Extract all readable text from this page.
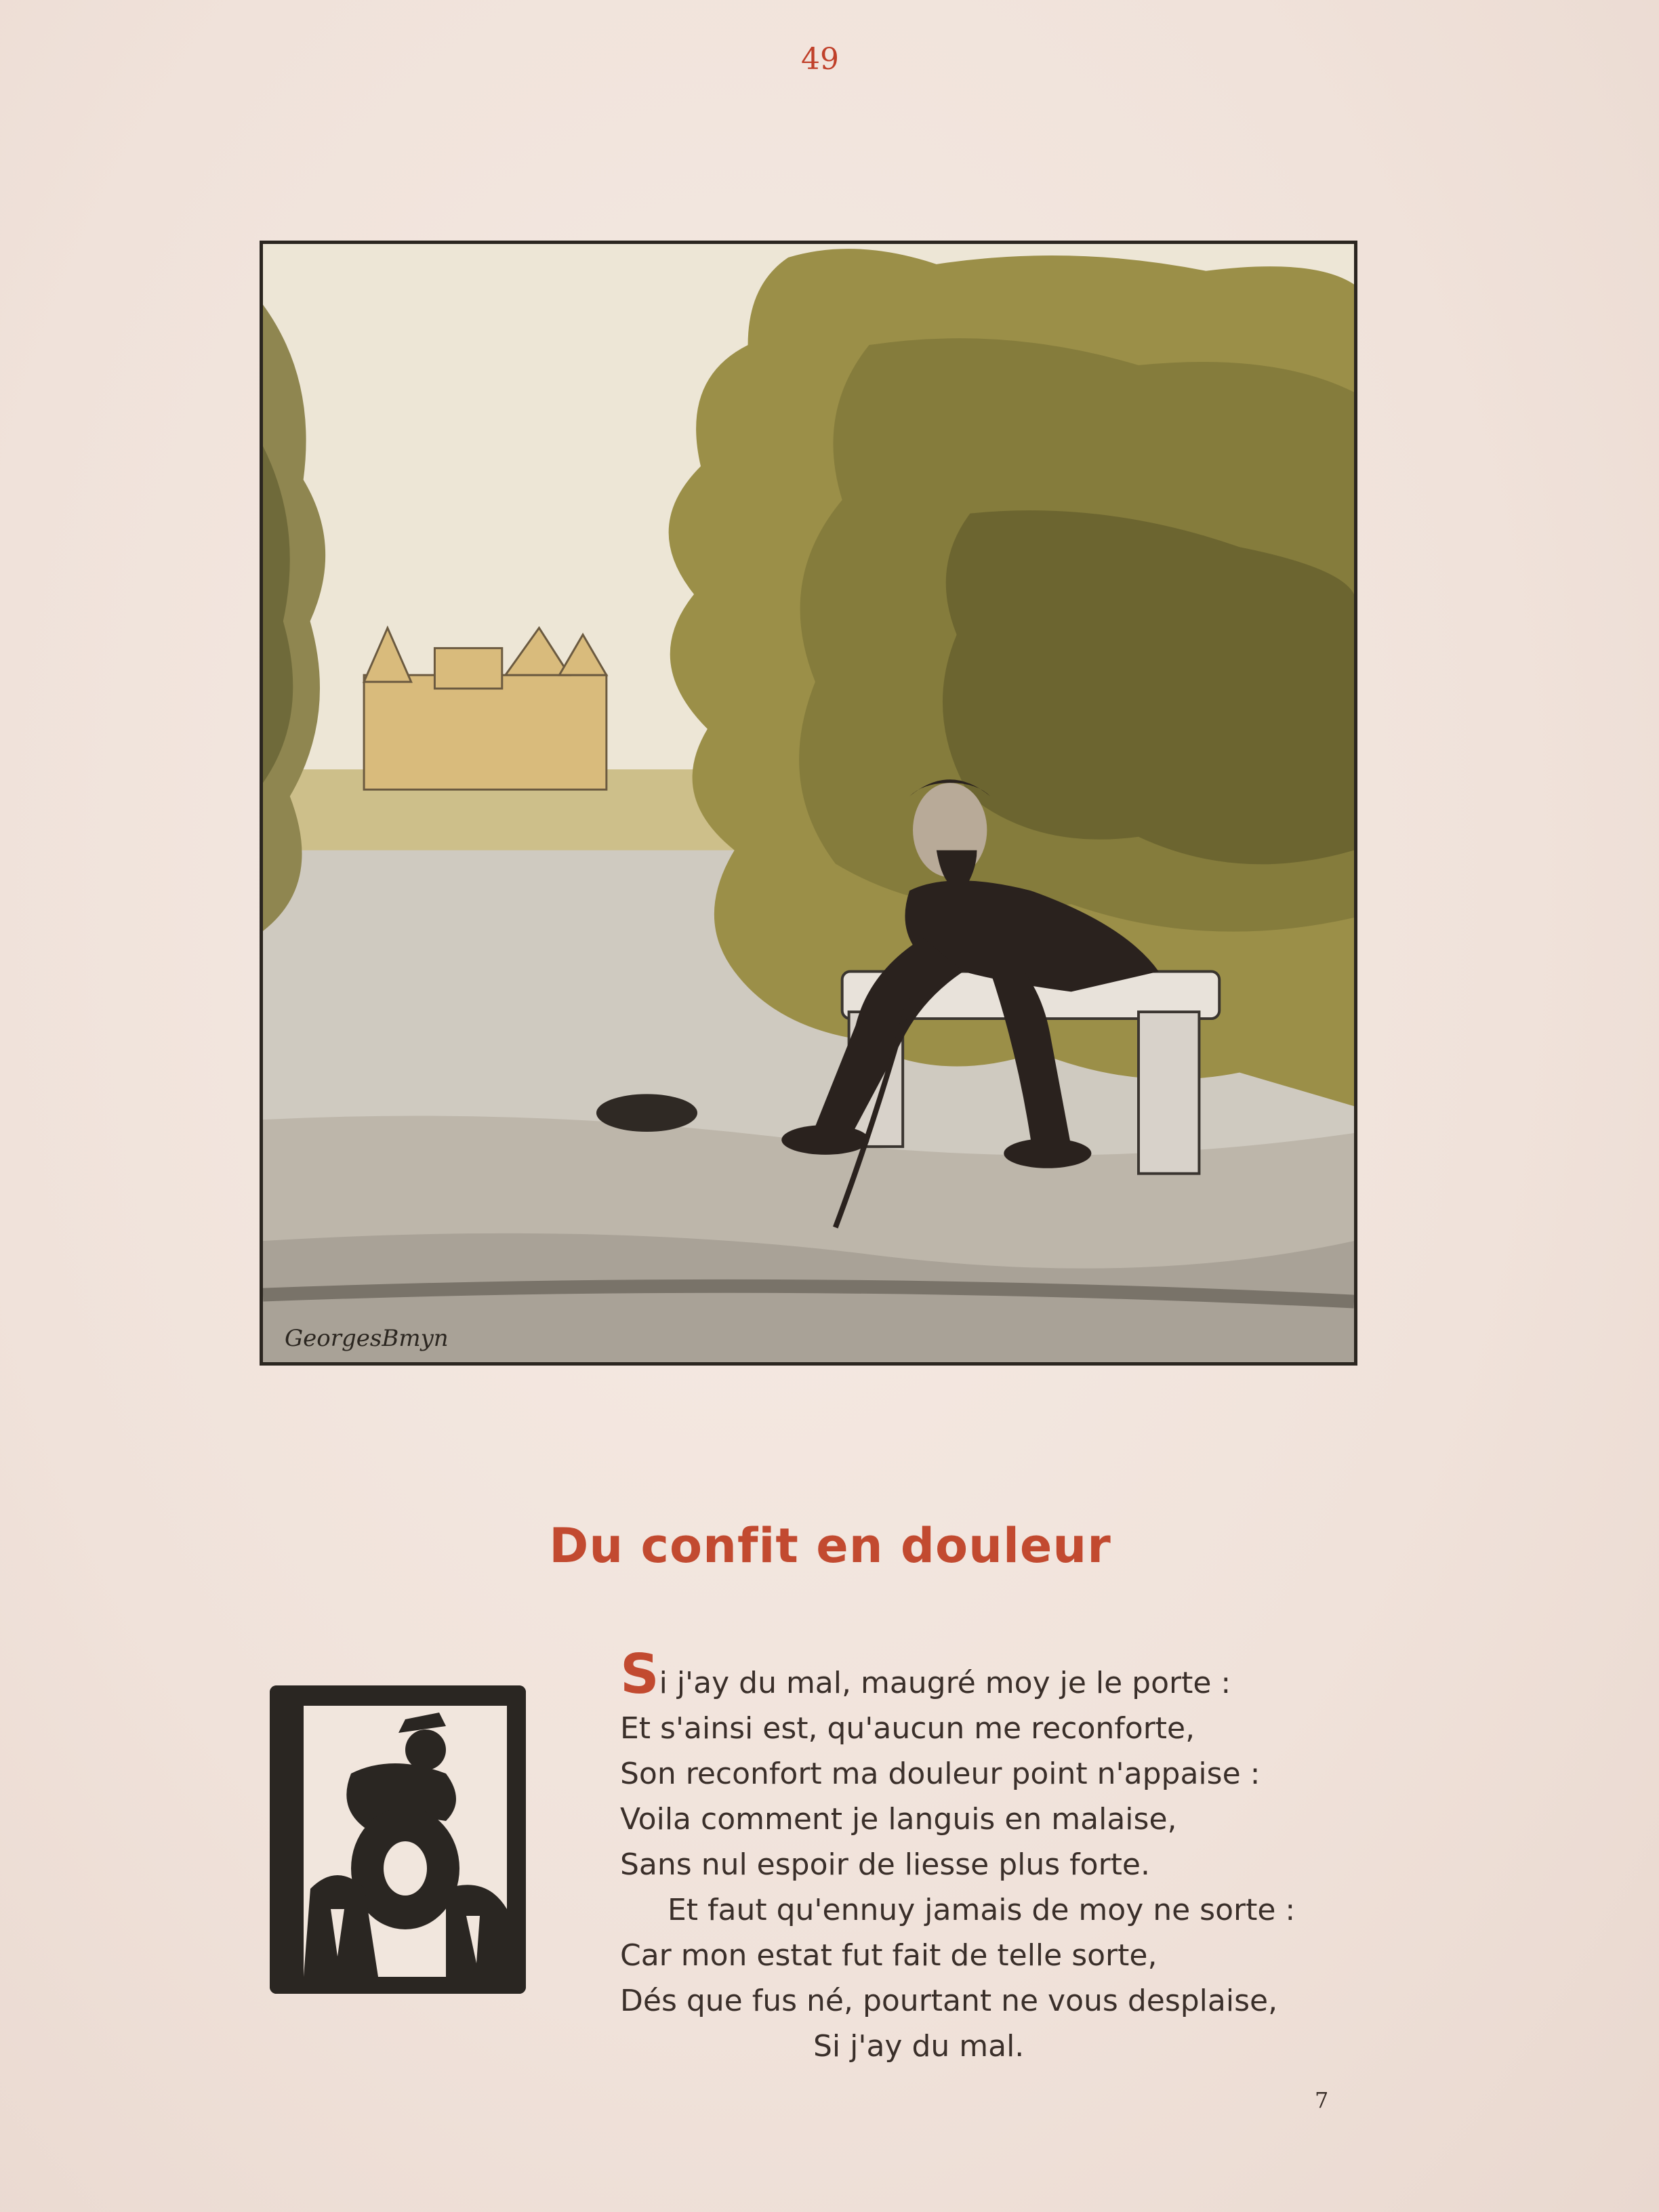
49
GeorgesBmyn
Du confit en douleur
Si j'ay du mal, maugré moy je le porte :
Et s'ainsi est, qu'aucun me reconforte,
Son reconfort ma douleur point n'appaise :
Voila comment je languis en malaise,
Sans nul espoir de liesse plus forte.
Et faut qu'ennuy jamais de moy ne sorte :
Car mon estat fut fait de telle sorte,
Dés que fus né, pourtant ne vous desplaise,
Si j'ay du mal.
7
